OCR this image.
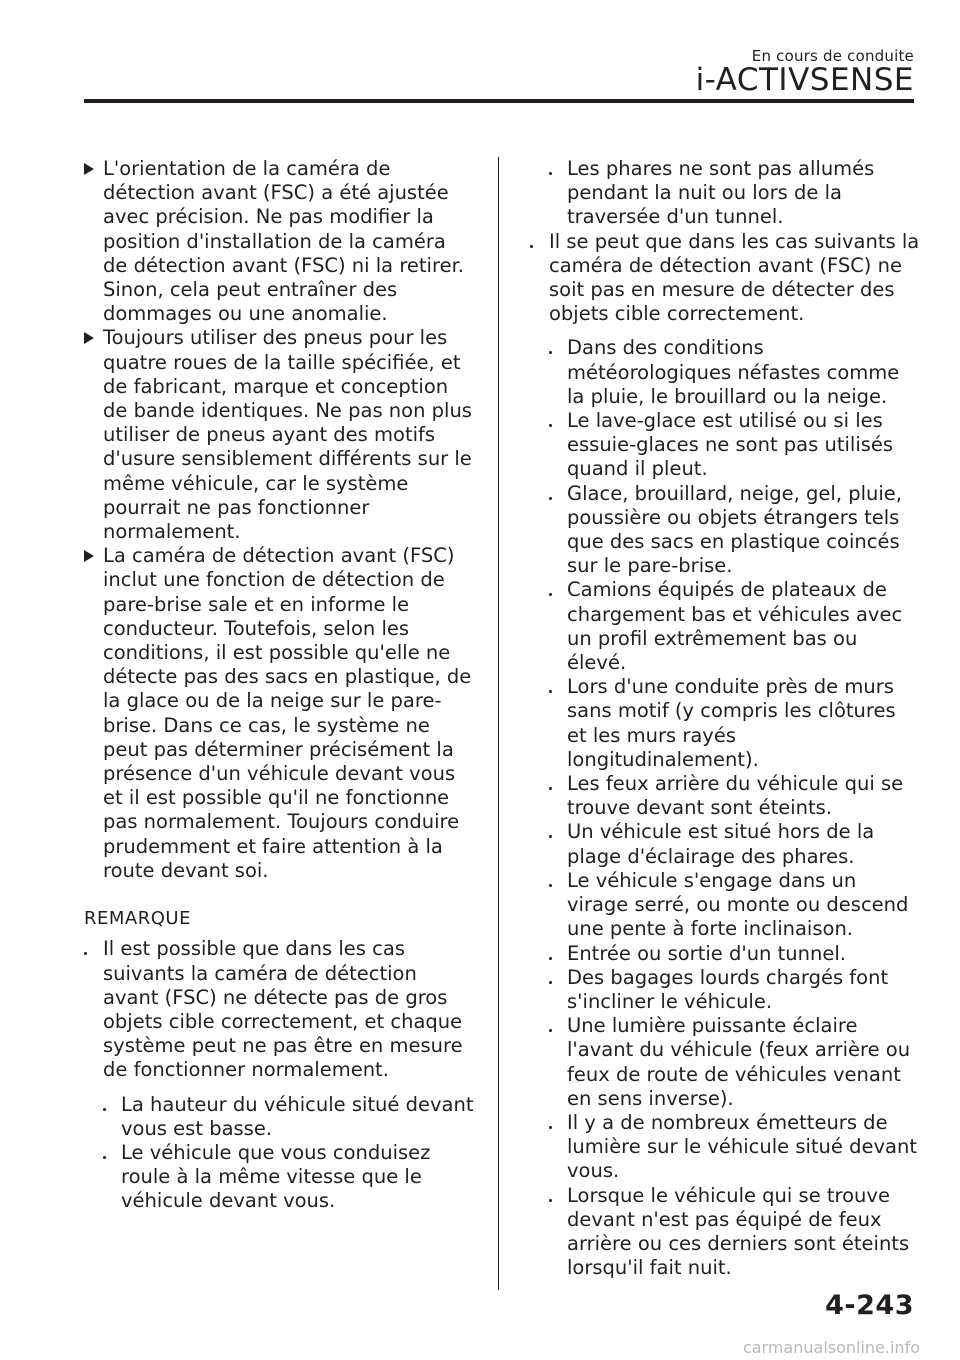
En cours de conduite
i-ACTIVSENSE

L'orientation de la caméra de détection avant (FSC) a été ajustée avec précision. Ne pas modifier la position d'installation de la caméra de détection avant (FSC) ni la retirer. Sinon, cela peut entraîner des dommages ou une anomalie.

Toujours utiliser des pneus pour les quatre roues de la taille spécifiée, et de fabricant, marque et conception de bande identiques. Ne pas non plus utiliser de pneus ayant des motifs d'usure sensiblement différents sur le même véhicule, car le système pourrait ne pas fonctionner normalement.

La caméra de détection avant (FSC) inclut une fonction de détection de pare-brise sale et en informe le conducteur. Toutefois, selon les conditions, il est possible qu'elle ne détecte pas des sacs en plastique, de la glace ou de la neige sur le pare-brise. Dans ce cas, le système ne peut pas déterminer précisément la présence d'un véhicule devant vous et il est possible qu'il ne fonctionne pas normalement. Toujours conduire prudemment et faire attention à la route devant soi.

REMARQUE

Il est possible que dans les cas suivants la caméra de détection avant (FSC) ne détecte pas de gros objets cible correctement, et chaque système peut ne pas être en mesure de fonctionner normalement.

La hauteur du véhicule situé devant vous est basse.

Le véhicule que vous conduisez roule à la même vitesse que le véhicule devant vous.

Les phares ne sont pas allumés pendant la nuit ou lors de la traversée d'un tunnel.

Il se peut que dans les cas suivants la caméra de détection avant (FSC) ne soit pas en mesure de détecter des objets cible correctement.

Dans des conditions météorologiques néfastes comme la pluie, le brouillard ou la neige.

Le lave-glace est utilisé ou si les essuie-glaces ne sont pas utilisés quand il pleut.

Glace, brouillard, neige, gel, pluie, poussière ou objets étrangers tels que des sacs en plastique coincés sur le pare-brise.

Camions équipés de plateaux de chargement bas et véhicules avec un profil extrêmement bas ou élevé.

Lors d'une conduite près de murs sans motif (y compris les clôtures et les murs rayés longitudinalement).

Les feux arrière du véhicule qui se trouve devant sont éteints.

Un véhicule est situé hors de la plage d'éclairage des phares.

Le véhicule s'engage dans un virage serré, ou monte ou descend une pente à forte inclinaison.

Entrée ou sortie d'un tunnel.

Des bagages lourds chargés font s'incliner le véhicule.

Une lumière puissante éclaire l'avant du véhicule (feux arrière ou feux de route de véhicules venant en sens inverse).

Il y a de nombreux émetteurs de lumière sur le véhicule situé devant vous.

Lorsque le véhicule qui se trouve devant n'est pas équipé de feux arrière ou ces derniers sont éteints lorsqu'il fait nuit.

4-243
carmanualsonline.info
